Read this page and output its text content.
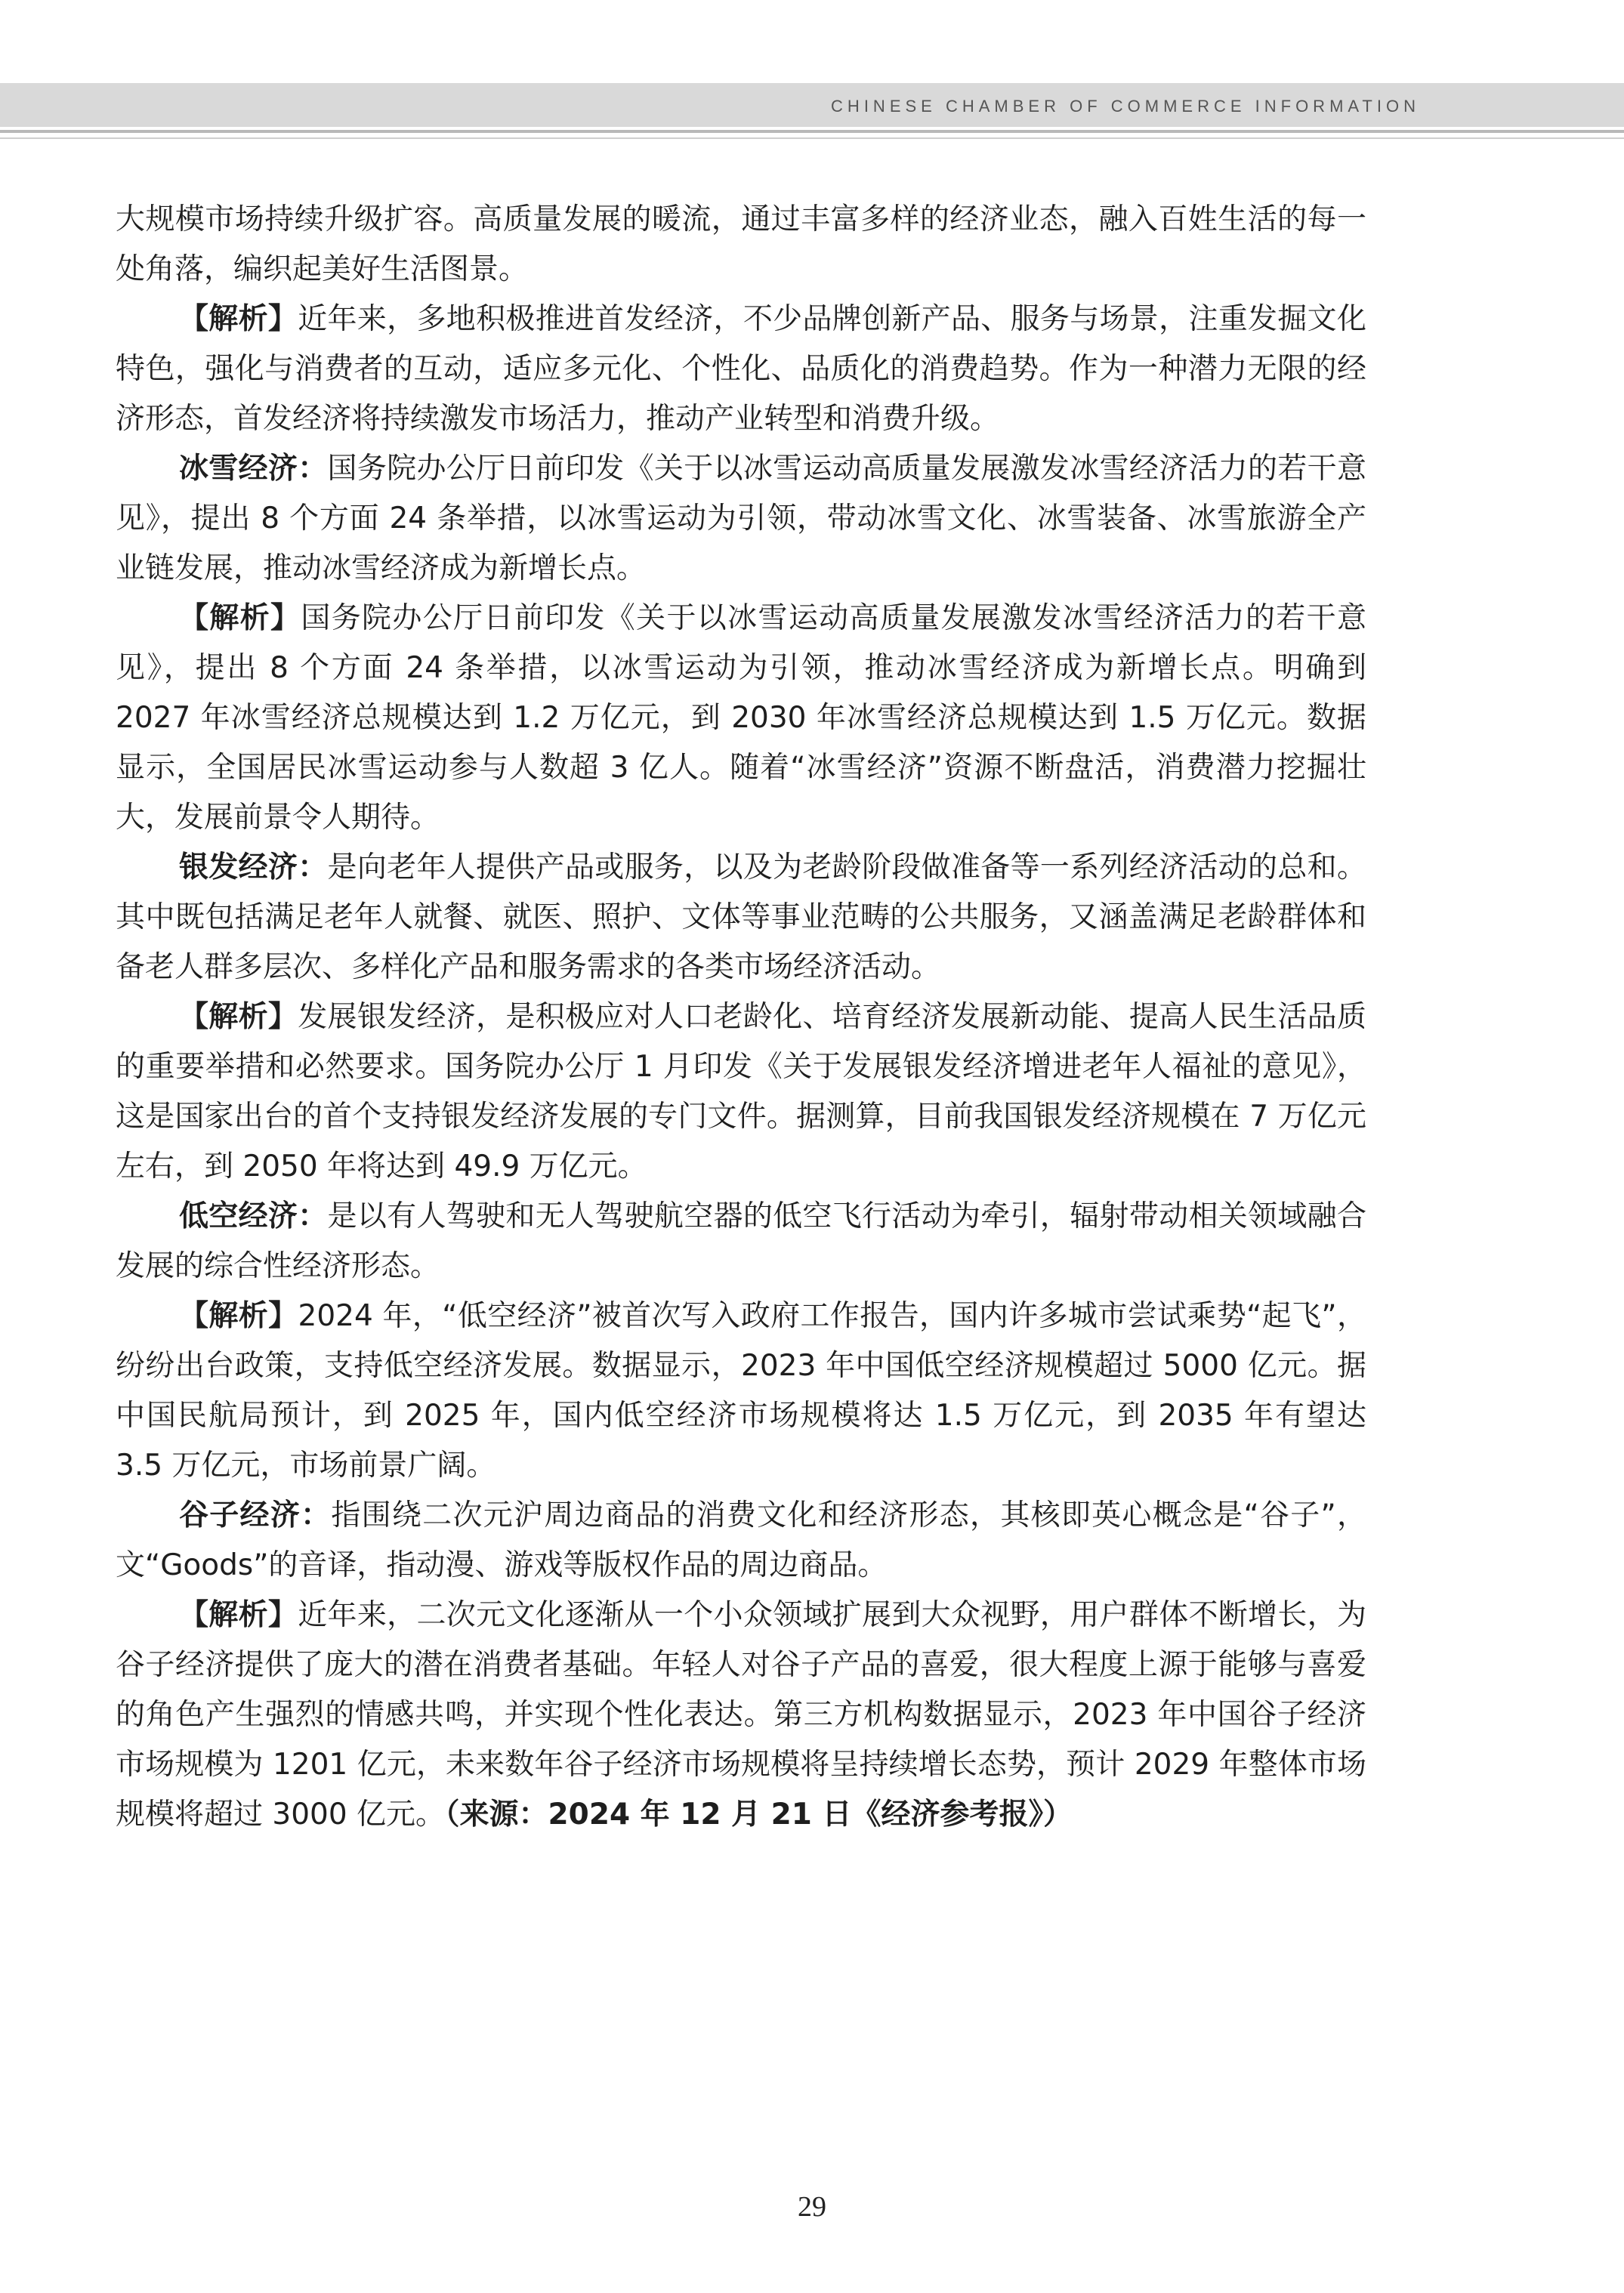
CHINESE CHAMBER OF COMMERCE INFORMATION

大规模市场持续升级扩容。高质量发展的暖流，通过丰富多样的经济业态，融入百姓生活的每一处角落，编织起美好生活图景。

【解析】近年来，多地积极推进首发经济，不少品牌创新产品、服务与场景，注重发掘文化特色，强化与消费者的互动，适应多元化、个性化、品质化的消费趋势。作为一种潜力无限的经济形态，首发经济将持续激发市场活力，推动产业转型和消费升级。

冰雪经济：国务院办公厅日前印发《关于以冰雪运动高质量发展激发冰雪经济活力的若干意见》，提出 8 个方面 24 条举措，以冰雪运动为引领，带动冰雪文化、冰雪装备、冰雪旅游全产业链发展，推动冰雪经济成为新增长点。

【解析】国务院办公厅日前印发《关于以冰雪运动高质量发展激发冰雪经济活力的若干意见》，提出 8 个方面 24 条举措，以冰雪运动为引领，推动冰雪经济成为新增长点。明确到 2027 年冰雪经济总规模达到 1.2 万亿元，到 2030 年冰雪经济总规模达到 1.5 万亿元。数据显示，全国居民冰雪运动参与人数超 3 亿人。随着“冰雪经济”资源不断盘活，消费潜力挖掘壮大，发展前景令人期待。

银发经济：是向老年人提供产品或服务，以及为老龄阶段做准备等一系列经济活动的总和。其中既包括满足老年人就餐、就医、照护、文体等事业范畴的公共服务，又涵盖满足老龄群体和备老人群多层次、多样化产品和服务需求的各类市场经济活动。

【解析】发展银发经济，是积极应对人口老龄化、培育经济发展新动能、提高人民生活品质的重要举措和必然要求。国务院办公厅 1 月印发《关于发展银发经济增进老年人福祉的意见》，这是国家出台的首个支持银发经济发展的专门文件。据测算，目前我国银发经济规模在 7 万亿元左右，到 2050 年将达到 49.9 万亿元。

低空经济：是以有人驾驶和无人驾驶航空器的低空飞行活动为牵引，辐射带动相关领域融合发展的综合性经济形态。

【解析】2024 年，“低空经济”被首次写入政府工作报告，国内许多城市尝试乘势“起飞”，纷纷出台政策，支持低空经济发展。数据显示，2023 年中国低空经济规模超过 5000 亿元。据中国民航局预计，到 2025 年，国内低空经济市场规模将达 1.5 万亿元，到 2035 年有望达 3.5 万亿元，市场前景广阔。

谷子经济：指围绕二次元沪周边商品的消费文化和经济形态，其核即英心概念是“谷子”，文“Goods”的音译，指动漫、游戏等版权作品的周边商品。

【解析】近年来，二次元文化逐渐从一个小众领域扩展到大众视野，用户群体不断增长，为谷子经济提供了庞大的潜在消费者基础。年轻人对谷子产品的喜爱，很大程度上源于能够与喜爱的角色产生强烈的情感共鸣，并实现个性化表达。第三方机构数据显示，2023 年中国谷子经济市场规模为 1201 亿元，未来数年谷子经济市场规模将呈持续增长态势，预计 2029 年整体市场规模将超过 3000 亿元。（来源：2024 年 12 月 21 日《经济参考报》）

29
